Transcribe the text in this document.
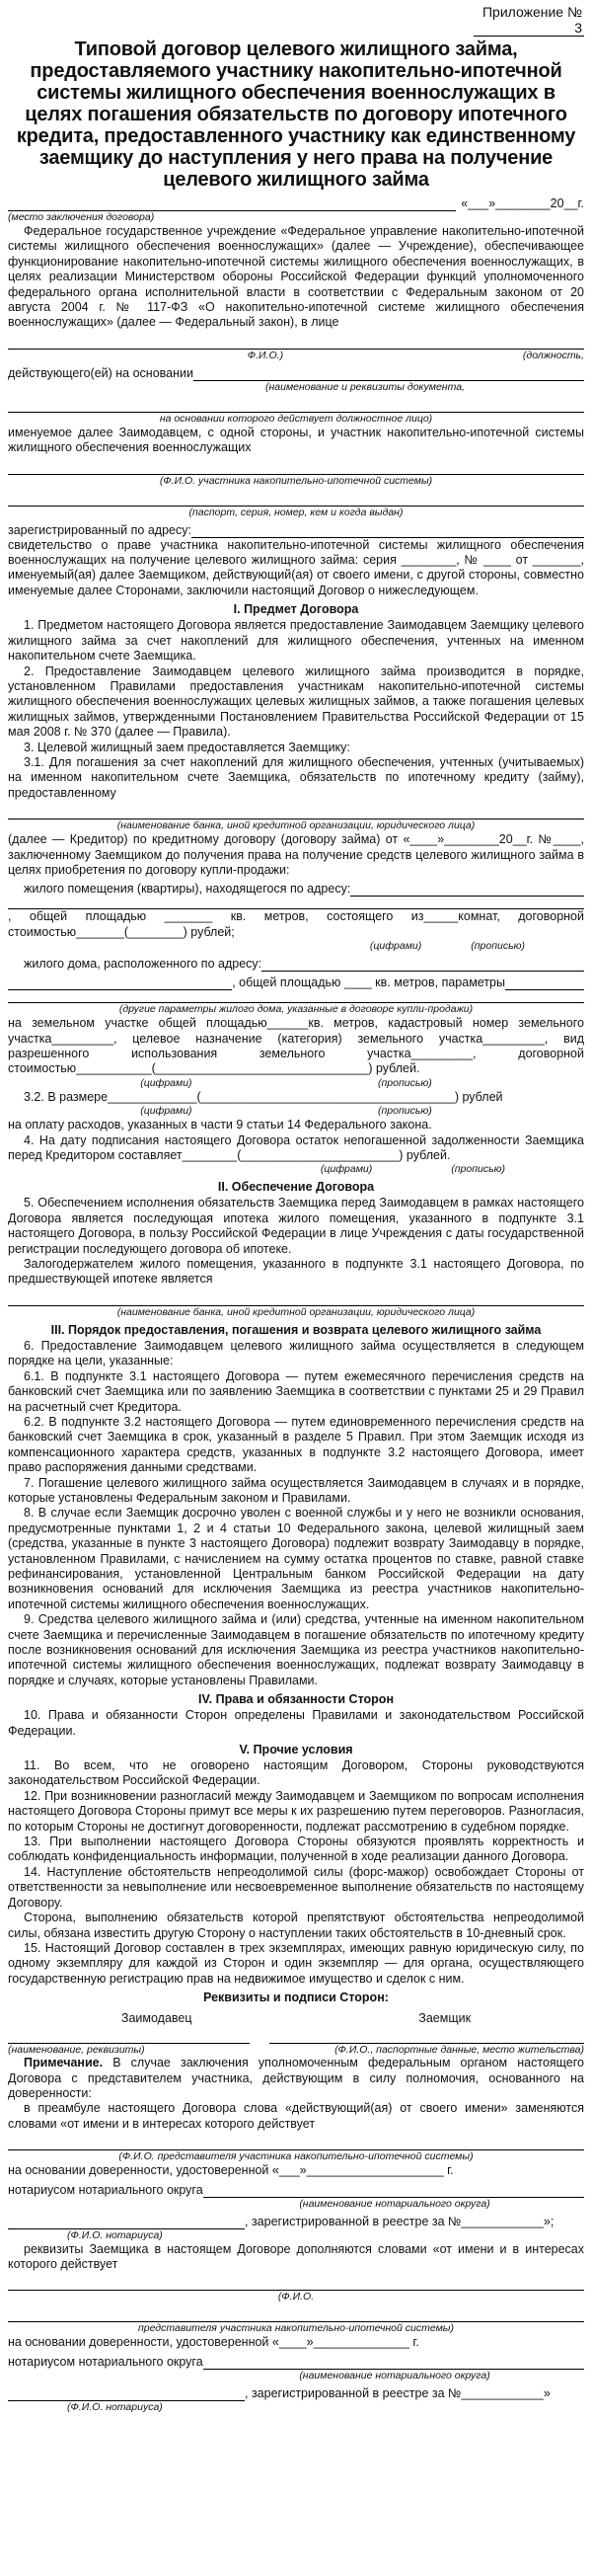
Приложение № 3
Типовой договор целевого жилищного займа, предоставляемого участнику накопительно-ипотечной системы жилищного обеспечения военнослужащих в целях погашения обязательств по договору ипотечного кредита, предоставленного участнику как единственному заемщику до наступления у него права на получение целевого жилищного займа
«___»________20__г.
(место заключения договора)

Федеральное государственное учреждение «Федеральное управление накопительно-ипотечной системы жилищного обеспечения военнослужащих» (далее — Учреждение), обеспечивающее функционирование накопительно-ипотечной системы жилищного обеспечения военнослужащих, в целях реализации Министерством обороны Российской Федерации функций уполномоченного федерального органа исполнительной власти в соответствии с Федеральным законом от 20 августа 2004 г. № 117-ФЗ «О накопительно-ипотечной системе жилищного обеспечения военнослужащих» (далее — Федеральный закон), в лице

Ф.И.О.)	(должность,
действующего(ей) на основании
(наименование и реквизиты документа,
на основании которого действует должностное лицо)

именуемое далее Заимодавцем, с одной стороны, и участник накопительно-ипотечной системы жилищного обеспечения военнослужащих

(Ф.И.О. участника накопительно-ипотечной системы)
(паспорт, серия, номер, кем и когда выдан)
зарегистрированный по адресу:

свидетельство о праве участника накопительно-ипотечной системы жилищного обеспечения военнослужащих на получение целевого жилищного займа: серия ________, № ____ от _______, именуемый(ая) далее Заемщиком, действующий(ая) от своего имени, с другой стороны, совместно именуемые далее Сторонами, заключили настоящий Договор о нижеследующем.

I. Предмет Договора

1. Предметом настоящего Договора является предоставление Заимодавцем Заемщику целевого жилищного займа за счет накоплений для жилищного обеспечения, учтенных на именном накопительном счете Заемщика.

2. Предоставление Заимодавцем целевого жилищного займа производится в порядке, установленном Правилами предоставления участникам накопительно-ипотечной системы жилищного обеспечения военнослужащих целевых жилищных займов, а также погашения целевых жилищных займов, утвержденными Постановлением Правительства Российской Федерации от 15 мая 2008 г. № 370 (далее — Правила).

3. Целевой жилищный заем предоставляется Заемщику:

3.1. Для погашения за счет накоплений для жилищного обеспечения, учтенных (учитываемых) на именном накопительном счете Заемщика, обязательств по ипотечному кредиту (займу), предоставленному

(наименование банка, иной кредитной организации, юридического лица)

(далее — Кредитор) по кредитному договору (договору займа) от «____»________20__г. №____, заключенному Заемщиком до получения права на получение средств целевого жилищного займа в целях приобретения по договору купли-продажи:

жилого помещения (квартиры), находящегося по адресу:

, общей площадью _______ кв. метров, состоящего из_____комнат, договорной стоимостью_______(________) рублей;

(цифрами)	(прописью)
жилого дома, расположенного по адресу:
, общей площадью ____ кв. метров, параметры
(другие параметры жилого дома, указанные в договоре купли-продажи)

на земельном участке общей площадью______кв. метров, кадастровый номер земельного участка_________, целевое назначение (категория) земельного участка_________, вид разрешенного использования земельного участка_________, договорной стоимостью___________(_______________________________) рублей.

(цифрами)	(прописью)

3.2. В размере_____________(_____________________________________) рублей

(цифрами)	(прописью)

на оплату расходов, указанных в части 9 статьи 14 Федерального закона.

4. На дату подписания настоящего Договора остаток непогашенной задолженности Заемщика перед Кредитором составляет________(_______________________) рублей.

(цифрами)	(прописью)
II. Обеспечение Договора

5. Обеспечением исполнения обязательств Заемщика перед Заимодавцем в рамках настоящего Договора является последующая ипотека жилого помещения, указанного в подпункте 3.1 настоящего Договора, в пользу Российской Федерации в лице Учреждения с даты государственной регистрации последующего договора об ипотеке.

Залогодержателем жилого помещения, указанного в подпункте 3.1 настоящего Договора, по предшествующей ипотеке является

(наименование банка, иной кредитной организации, юридического лица)
III. Порядок предоставления, погашения и возврата целевого жилищного займа

6. Предоставление Заимодавцем целевого жилищного займа осуществляется в следующем порядке на цели, указанные:

6.1. В подпункте 3.1 настоящего Договора — путем ежемесячного перечисления средств на банковский счет Заемщика или по заявлению Заемщика в соответствии с пунктами 25 и 29 Правил на расчетный счет Кредитора.

6.2. В подпункте 3.2 настоящего Договора — путем единовременного перечисления средств на банковский счет Заемщика в срок, указанный в разделе 5 Правил. При этом Заемщик исходя из компенсационного характера средств, указанных в подпункте 3.2 настоящего Договора, имеет право распоряжения данными средствами.

7. Погашение целевого жилищного займа осуществляется Заимодавцем в случаях и в порядке, которые установлены Федеральным законом и Правилами.

8. В случае если Заемщик досрочно уволен с военной службы и у него не возникли основания, предусмотренные пунктами 1, 2 и 4 статьи 10 Федерального закона, целевой жилищный заем (средства, указанные в пункте 3 настоящего Договора) подлежит возврату Заимодавцу в порядке, установленном Правилами, с начислением на сумму остатка процентов по ставке, равной ставке рефинансирования, установленной Центральным банком Российской Федерации на дату возникновения оснований для исключения Заемщика из реестра участников накопительно-ипотечной системы жилищного обеспечения военнослужащих.

9. Средства целевого жилищного займа и (или) средства, учтенные на именном накопительном счете Заемщика и перечисленные Заимодавцем в погашение обязательств по ипотечному кредиту после возникновения оснований для исключения Заемщика из реестра участников накопительно-ипотечной системы жилищного обеспечения военнослужащих, подлежат возврату Заимодавцу в порядке и случаях, которые установлены Правилами.

IV. Права и обязанности Сторон

10. Права и обязанности Сторон определены Правилами и законодательством Российской Федерации.

V. Прочие условия

11. Во всем, что не оговорено настоящим Договором, Стороны руководствуются законодательством Российской Федерации.

12. При возникновении разногласий между Заимодавцем и Заемщиком по вопросам исполнения настоящего Договора Стороны примут все меры к их разрешению путем переговоров. Разногласия, по которым Стороны не достигнут договоренности, подлежат рассмотрению в судебном порядке.

13. При выполнении настоящего Договора Стороны обязуются проявлять корректность и соблюдать конфиденциальность информации, полученной в ходе реализации данного Договора.

14. Наступление обстоятельств непреодолимой силы (форс-мажор) освобождает Стороны от ответственности за невыполнение или несвоевременное выполнение обязательств по настоящему Договору.

Сторона, выполнению обязательств которой препятствуют обстоятельства непреодолимой силы, обязана известить другую Сторону о наступлении таких обстоятельств в 10-дневный срок.

15. Настоящий Договор составлен в трех экземплярах, имеющих равную юридическую силу, по одному экземпляру для каждой из Сторон и один экземпляр — для органа, осуществляющего государственную регистрацию прав на недвижимое имущество и сделок с ним.

Реквизиты и подписи Сторон:
Заимодавец	Заемщик
(наименование, реквизиты)	(Ф.И.О., паспортные данные, место жительства)

Примечание. В случае заключения уполномоченным федеральным органом настоящего Договора с представителем участника, действующим в силу полномочия, основанного на доверенности:

в преамбуле настоящего Договора слова «действующий(ая) от своего имени» заменяются словами «от имени и в интересах которого действует

(Ф.И.О. представителя участника накопительно-ипотечной системы)

на основании доверенности, удостоверенной «___»____________________ г.

нотариусом нотариального округа
(наименование нотариального округа)
, зарегистрированной в реестре за №____________»;
(Ф.И.О. нотариуса)

реквизиты Заемщика в настоящем Договоре дополняются словами «от имени и в интересах которого действует

(Ф.И.О.
представителя участника накопительно-ипотечной системы)

на основании доверенности, удостоверенной «____»______________ г.

нотариусом нотариального округа
(наименование нотариального округа)
, зарегистрированной в реестре за №____________»
(Ф.И.О. нотариуса)
